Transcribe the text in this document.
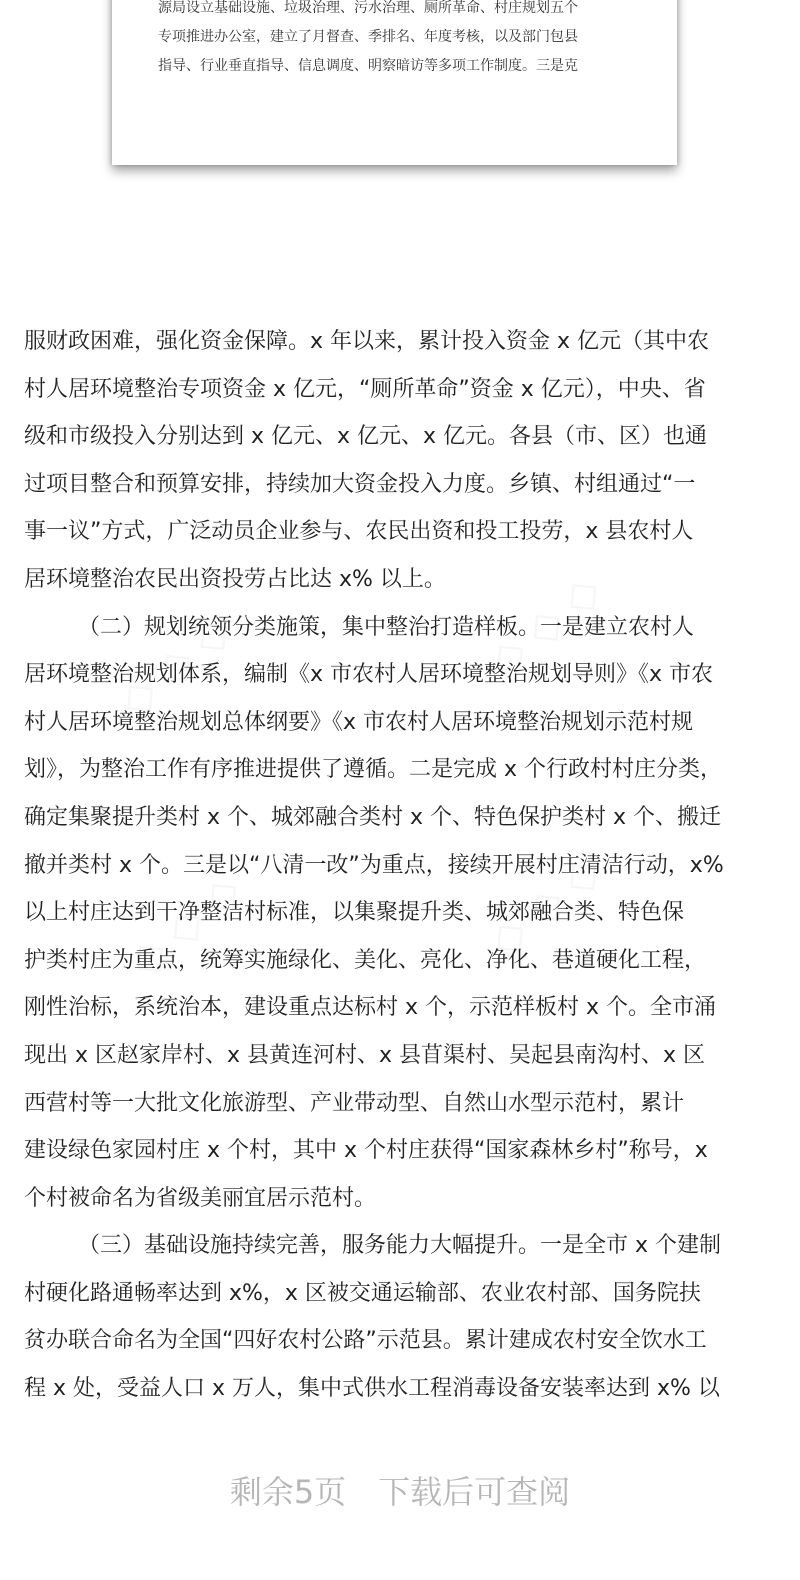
源局设立基础设施、垃圾治理、污水治理、厕所革命、村庄规划五个
专项推进办公室，建立了月督查、季排名、年度考核，以及部门包县
指导、行业垂直指导、信息调度、明察暗访等多项工作制度。三是克
服财政困难，强化资金保障。x 年以来，累计投入资金 x 亿元（其中农
村人居环境整治专项资金 x 亿元，“厕所革命”资金 x 亿元），中央、省
级和市级投入分别达到 x 亿元、x 亿元、x 亿元。各县（市、区）也通
过项目整合和预算安排，持续加大资金投入力度。乡镇、村组通过“一
事一议”方式，广泛动员企业参与、农民出资和投工投劳，x 县农村人
居环境整治农民出资投劳占比达 x% 以上。
（二）规划统领分类施策，集中整治打造样板。一是建立农村人
居环境整治规划体系，编制《x 市农村人居环境整治规划导则》《x 市农
村人居环境整治规划总体纲要》《x 市农村人居环境整治规划示范村规
划》，为整治工作有序推进提供了遵循。二是完成 x 个行政村村庄分类，
确定集聚提升类村 x 个、城郊融合类村 x 个、特色保护类村 x 个、搬迁
撤并类村 x 个。三是以“八清一改”为重点，接续开展村庄清洁行动，x%
以上村庄达到干净整洁村标准，以集聚提升类、城郊融合类、特色保
护类村庄为重点，统筹实施绿化、美化、亮化、净化、巷道硬化工程，
刚性治标，系统治本，建设重点达标村 x 个，示范样板村 x 个。全市涌
现出 x 区赵家岸村、x 县黄连河村、x 县苜渠村、吴起县南沟村、x 区
西营村等一大批文化旅游型、产业带动型、自然山水型示范村，累计
建设绿色家园村庄 x 个村，其中 x 个村庄获得“国家森林乡村”称号，x
个村被命名为省级美丽宜居示范村。
（三）基础设施持续完善，服务能力大幅提升。一是全市 x 个建制
村硬化路通畅率达到 x%，x 区被交通运输部、农业农村部、国务院扶
贫办联合命名为全国“四好农村公路”示范县。累计建成农村安全饮水工
程 x 处，受益人口 x 万人，集中式供水工程消毒设备安装率达到 x% 以
剩余5页　下载后可查阅
